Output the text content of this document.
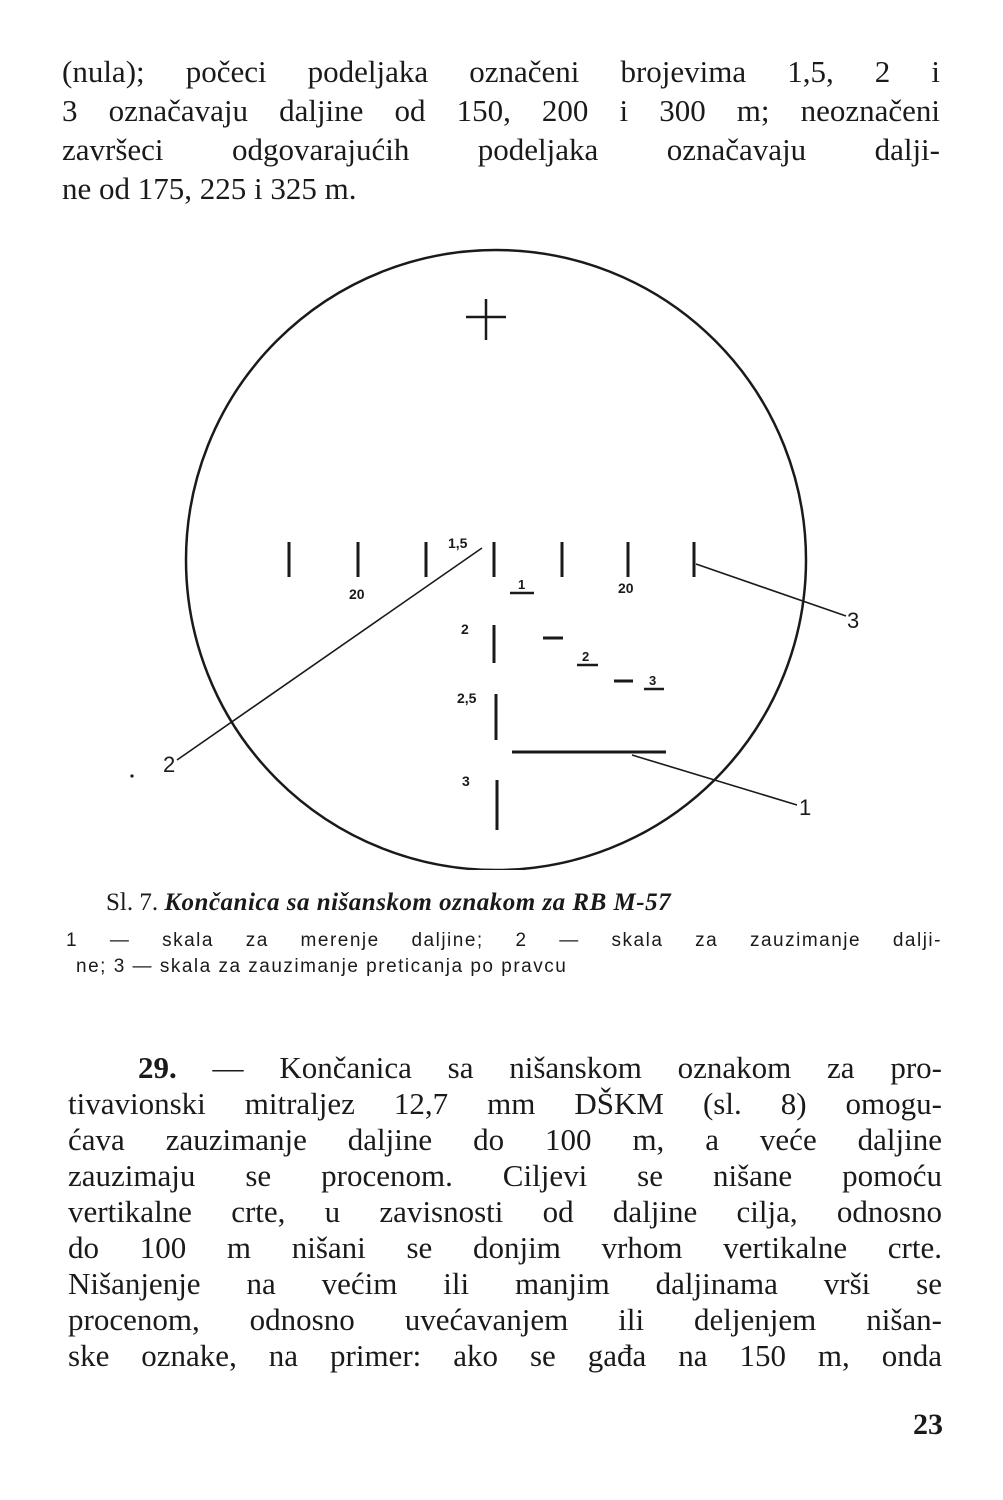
(nula); počeci podeljaka označeni brojevima 1,5, 2 i
3 označavaju daljine od 150, 200 i 300 m; neoznačeni
završeci odgovarajućih podeljaka označavaju dalji-
ne od 175, 225 i 325 m.
20	20
1,5
2
2,5
3
1
2
3
2
3
1
Sl. 7. Končanica sa nišanskom oznakom za RB M-57
1 — skala za merenje daljine; 2 — skala za zauzimanje dalji-
ne; 3 — skala za zauzimanje preticanja po pravcu
29. — Končanica sa nišanskom oznakom za pro-
tivavionski mitraljez 12,7 mm DŠKM (sl. 8) omogu-
ćava zauzimanje daljine do 100 m, a veće daljine
zauzimaju se procenom. Ciljevi se nišane pomoću
vertikalne crte, u zavisnosti od daljine cilja, odnosno
do 100 m nišani se donjim vrhom vertikalne crte.
Nišanjenje na većim ili manjim daljinama vrši se
procenom, odnosno uvećavanjem ili deljenjem nišan-
ske oznake, na primer: ako se gađa na 150 m, onda
23
